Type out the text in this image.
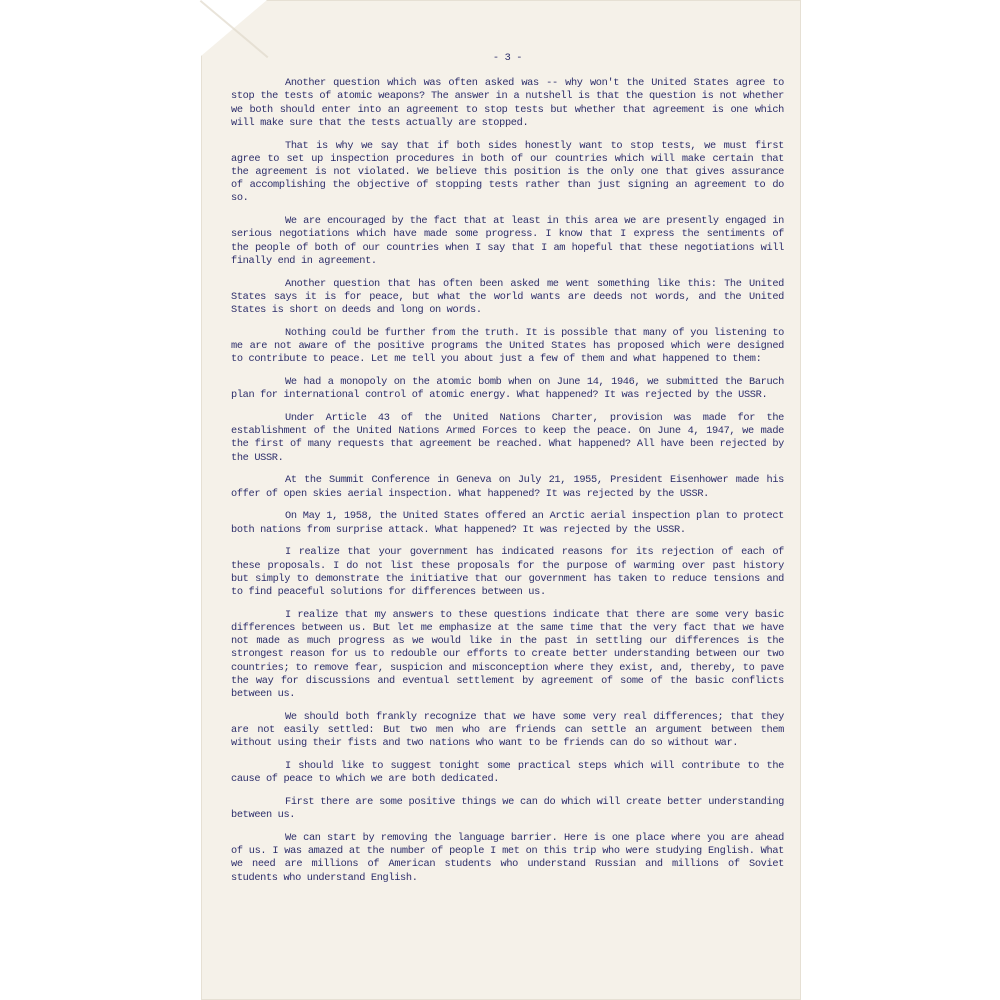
- 3 -

Another question which was often asked was -- why won't the United States agree to stop the tests of atomic weapons? The answer in a nutshell is that the question is not whether we both should enter into an agreement to stop tests but whether that agreement is one which will make sure that the tests actually are stopped.

That is why we say that if both sides honestly want to stop tests, we must first agree to set up inspection procedures in both of our countries which will make certain that the agreement is not violated. We believe this position is the only one that gives assurance of accomplishing the objective of stopping tests rather than just signing an agreement to do so.

We are encouraged by the fact that at least in this area we are presently engaged in serious negotiations which have made some progress. I know that I express the sentiments of the people of both of our countries when I say that I am hopeful that these negotiations will finally end in agreement.

Another question that has often been asked me went something like this: The United States says it is for peace, but what the world wants are deeds not words, and the United States is short on deeds and long on words.

Nothing could be further from the truth. It is possible that many of you listening to me are not aware of the positive programs the United States has proposed which were designed to contribute to peace. Let me tell you about just a few of them and what happened to them:

We had a monopoly on the atomic bomb when on June 14, 1946, we submitted the Baruch plan for international control of atomic energy. What happened? It was rejected by the USSR.

Under Article 43 of the United Nations Charter, provision was made for the establishment of the United Nations Armed Forces to keep the peace. On June 4, 1947, we made the first of many requests that agreement be reached. What happened? All have been rejected by the USSR.

At the Summit Conference in Geneva on July 21, 1955, President Eisenhower made his offer of open skies aerial inspection. What happened? It was rejected by the USSR.

On May 1, 1958, the United States offered an Arctic aerial inspection plan to protect both nations from surprise attack. What happened? It was rejected by the USSR.

I realize that your government has indicated reasons for its rejection of each of these proposals. I do not list these proposals for the purpose of warming over past history but simply to demonstrate the initiative that our government has taken to reduce tensions and to find peaceful solutions for differences between us.

I realize that my answers to these questions indicate that there are some very basic differences between us. But let me emphasize at the same time that the very fact that we have not made as much progress as we would like in the past in settling our differences is the strongest reason for us to redouble our efforts to create better understanding between our two countries; to remove fear, suspicion and misconception where they exist, and, thereby, to pave the way for discussions and eventual settlement by agreement of some of the basic conflicts between us.

We should both frankly recognize that we have some very real differences; that they are not easily settled: But two men who are friends can settle an argument between them without using their fists and two nations who want to be friends can do so without war.

I should like to suggest tonight some practical steps which will contribute to the cause of peace to which we are both dedicated.

First there are some positive things we can do which will create better understanding between us.

We can start by removing the language barrier. Here is one place where you are ahead of us. I was amazed at the number of people I met on this trip who were studying English. What we need are millions of American students who understand Russian and millions of Soviet students who understand English.
